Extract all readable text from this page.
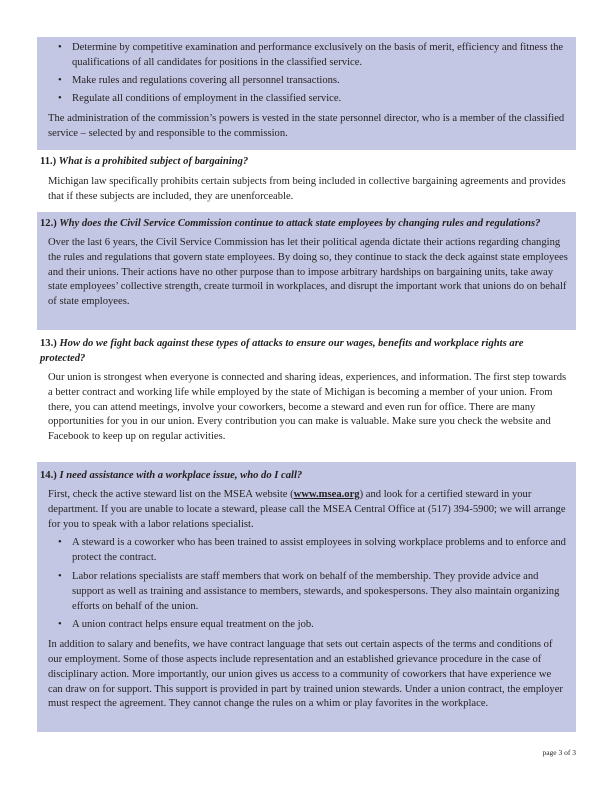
• Determine by competitive examination and performance exclusively on the basis of merit, efficiency and fitness the qualifications of all candidates for positions in the classified service.
• Make rules and regulations covering all personnel transactions.
• Regulate all conditions of employment in the classified service.

The administration of the commission’s powers is vested in the state personnel director, who is a member of the classified service – selected by and responsible to the commission.

11.) What is a prohibited subject of bargaining?

Michigan law specifically prohibits certain subjects from being included in collective bargaining agreements and provides that if these subjects are included, they are unenforceable.

12.) Why does the Civil Service Commission continue to attack state employees by changing rules and regulations?

Over the last 6 years, the Civil Service Commission has let their political agenda dictate their actions regarding changing the rules and regulations that govern state employees. By doing so, they continue to stack the deck against state employees and their unions. Their actions have no other purpose than to impose arbitrary hardships on bargaining units, take away state employees’ collective strength, create turmoil in workplaces, and disrupt the important work that unions do on behalf of state employees.

13.) How do we fight back against these types of attacks to ensure our wages, benefits and workplace rights are protected?

Our union is strongest when everyone is connected and sharing ideas, experiences, and information. The first step towards a better contract and working life while employed by the state of Michigan is becoming a member of your union. From there, you can attend meetings, involve your coworkers, become a steward and even run for office. There are many opportunities for you in our union. Every contribution you can make is valuable. Make sure you check the website and Facebook to keep up on regular activities.

14.) I need assistance with a workplace issue, who do I call?

First, check the active steward list on the MSEA website (www.msea.org) and look for a certified steward in your department. If you are unable to locate a steward, please call the MSEA Central Office at (517) 394-5900; we will arrange for you to speak with a labor relations specialist.

• A steward is a coworker who has been trained to assist employees in solving workplace problems and to enforce and protect the contract.
• Labor relations specialists are staff members that work on behalf of the membership. They provide advice and support as well as training and assistance to members, stewards, and spokespersons. They also maintain organizing efforts on behalf of the union.
• A union contract helps ensure equal treatment on the job.

In addition to salary and benefits, we have contract language that sets out certain aspects of the terms and conditions of our employment. Some of those aspects include representation and an established grievance procedure in the case of disciplinary action. More importantly, our union gives us access to a community of coworkers that have experience we can draw on for support. This support is provided in part by trained union stewards. Under a union contract, the employer must respect the agreement. They cannot change the rules on a whim or play favorites in the workplace.

page 3 of 3
